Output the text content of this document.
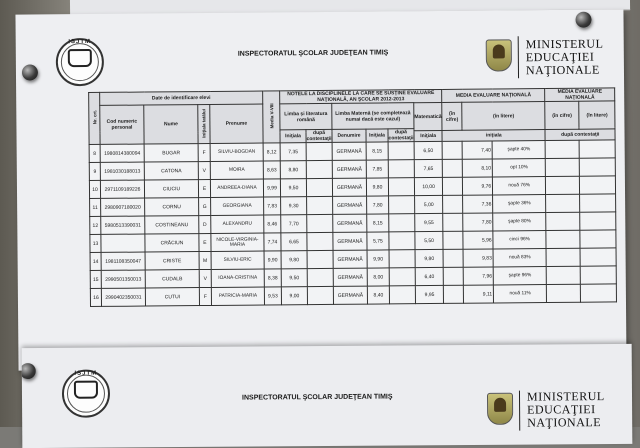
ISJTM
INSPECTORATUL ŞCOLAR JUDEŢEAN TIMIŞ
MINISTERUL
EDUCAŢIEI
NAŢIONALE
Nr. crt.	Date de identificare elevi				Media V-VIII	NOTELE LA DISCIPLINELE LA CARE SE SUSŢINE EVALUARE NAŢIONALĂ, AN ŞCOLAR 2012-2013						MEDIA EVALUARE NAŢIONALĂ			MEDIA EVALUARE NAŢIONALĂ	
	Cod numeric personal	Nume	Iniţiala tatălui	Prenume		Limba şi literatura română		Limba Maternă (se completează numai dacă este cazul)			Matematică	(în cifre)	(în litere)		(în cifre)	(în litere)
						Iniţiala	după contestaţii	Denumire	Iniţiala	după contestaţii						
											Iniţiala	iniţiala			după contestaţii	
8	1980814380094	BUGAR	F	SILVIU-BOGDAN	8,12	7,35		GERMANĂ	8,15		6,50		7,40	şapte 40%		
9	1981030188013	CATONA	V	MOIRA	8,63	8,80		GERMANĂ	7,85		7,65		8,10	opt 10%		
10	2971109189226	CIUCIU	E	ANDREEA-DIANA	9,99	9,50		GERMANĂ	9,80		10,00		9,76	nouă 76%		
11	2980907180020	CORNU	G	GEORGIANA	7,83	9,30		GERMANĂ	7,80		5,00		7,36	şapte 36%		
12	5980513390031	COSTINEANU	D	ALEXANDRU	8,46	7,70		GERMANĂ	8,15		9,55		7,80	şapte 80%		
13		CRĂCIUN	E	NICOLE-VIRGINIA-MARIA	7,74	6,65		GERMANĂ	5,75		5,50		5,96	cinci 96%		
14	1981108350047	CRISTE	M	SILVIU-ERIC	9,90	9,80		GERMANĂ	9,90		9,80		9,83	nouă 83%		
15	2990501350013	CUDALB	V	IOANA-CRISTINA	8,38	9,50		GERMANĂ	8,00		6,40		7,96	şapte 96%		
16	2990402350031	CUTUI	F	PATRICIA-MARIA	9,53	9,00		GERMANĂ	8,40		9,95		9,11	nouă 11%		
ISJTM
INSPECTORATUL ŞCOLAR JUDEŢEAN TIMIŞ	MINISTERUL
EDUCAŢIEI
NAŢIONALE
